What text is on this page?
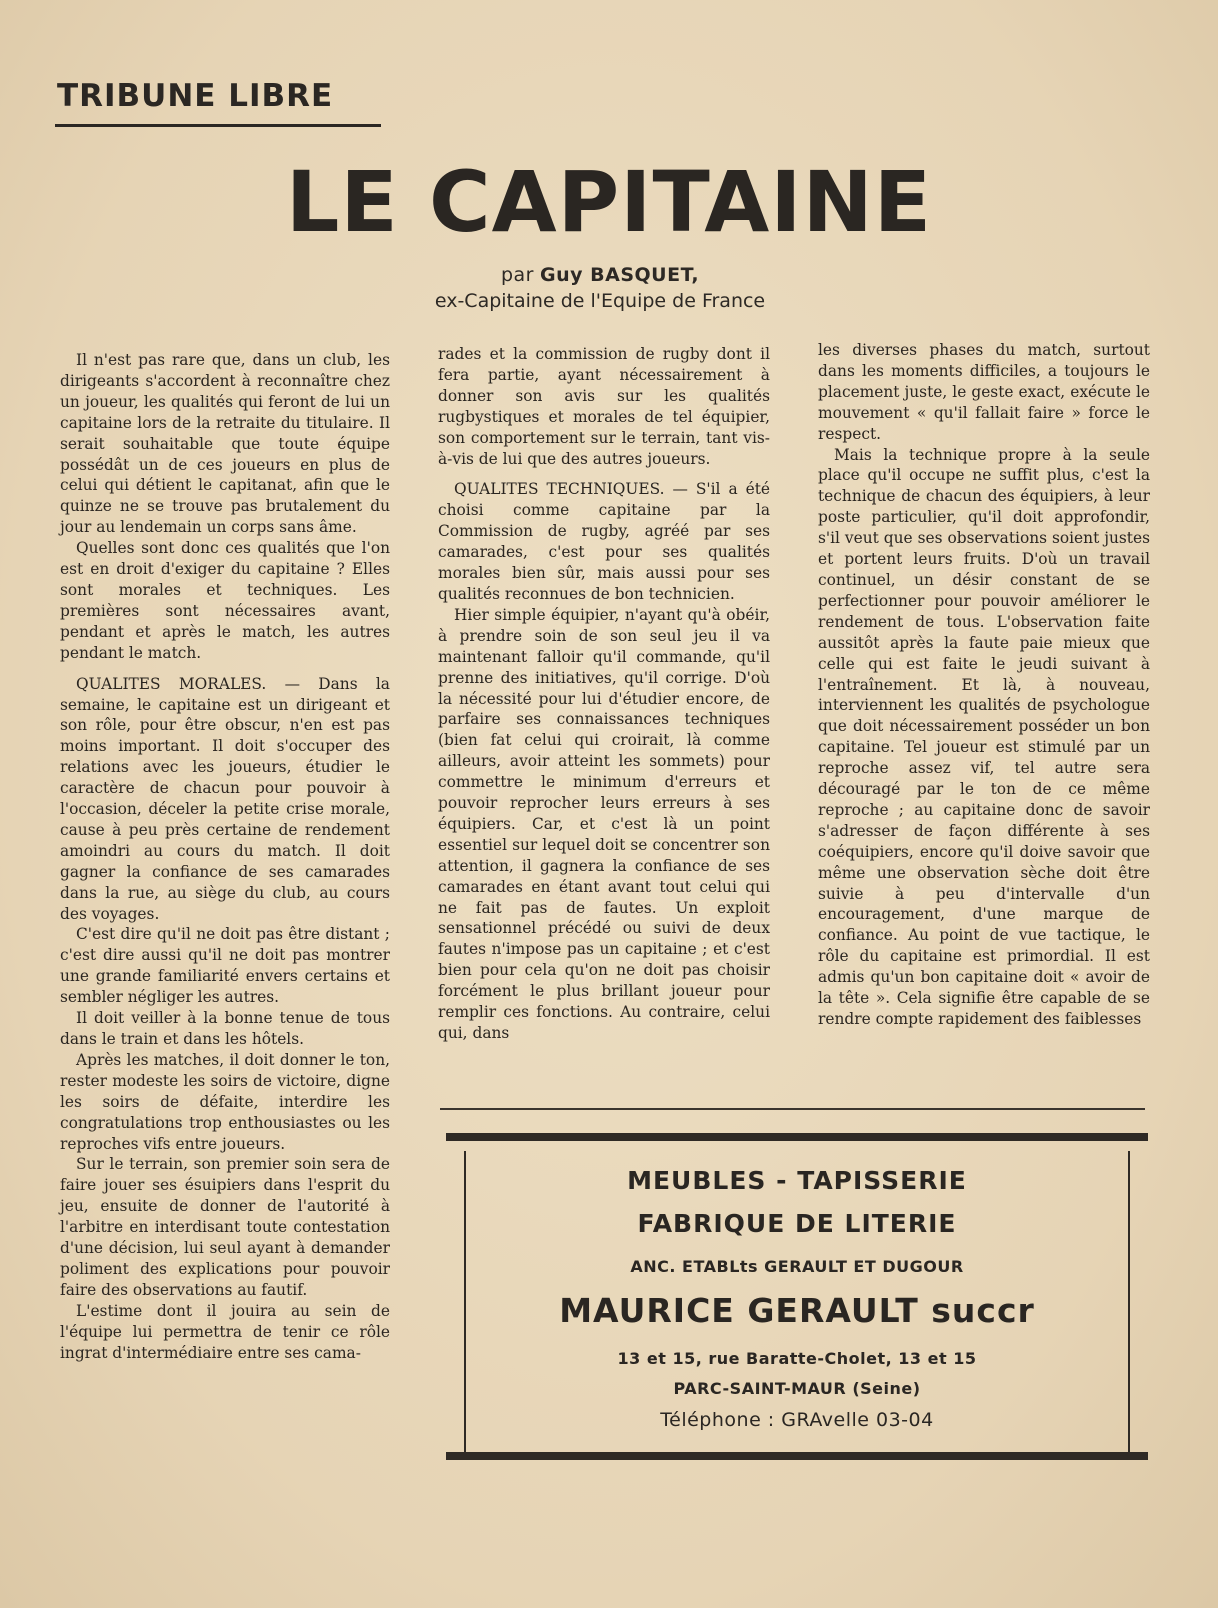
TRIBUNE LIBRE
LE CAPITAINE
par Guy BASQUET,
ex-Capitaine de l'Equipe de France

Il n'est pas rare que, dans un club, les dirigeants s'accordent à reconnaître chez un joueur, les qualités qui feront de lui un capitaine lors de la retraite du titulaire. Il serait souhaitable que toute équipe possédât un de ces joueurs en plus de celui qui détient le capitanat, afin que le quinze ne se trouve pas brutalement du jour au lendemain un corps sans âme.

Quelles sont donc ces qualités que l'on est en droit d'exiger du capitaine ? Elles sont morales et techniques. Les premières sont nécessaires avant, pendant et après le match, les autres pendant le match.

QUALITES MORALES. — Dans la semaine, le capitaine est un dirigeant et son rôle, pour être obscur, n'en est pas moins important. Il doit s'occuper des relations avec les joueurs, étudier le caractère de chacun pour pouvoir à l'occasion, déceler la petite crise morale, cause à peu près certaine de rendement amoindri au cours du match. Il doit gagner la confiance de ses camarades dans la rue, au siège du club, au cours des voyages.

C'est dire qu'il ne doit pas être distant ; c'est dire aussi qu'il ne doit pas montrer une grande familiarité envers certains et sembler négliger les autres.

Il doit veiller à la bonne tenue de tous dans le train et dans les hôtels.

Après les matches, il doit donner le ton, rester modeste les soirs de victoire, digne les soirs de défaite, interdire les congratulations trop enthousiastes ou les reproches vifs entre joueurs.

Sur le terrain, son premier soin sera de faire jouer ses ésuipiers dans l'esprit du jeu, ensuite de donner de l'autorité à l'arbitre en interdisant toute contestation d'une décision, lui seul ayant à demander poliment des explications pour pouvoir faire des observations au fautif.

L'estime dont il jouira au sein de l'équipe lui permettra de tenir ce rôle ingrat d'intermédiaire entre ses cama-

rades et la commission de rugby dont il fera partie, ayant nécessairement à donner son avis sur les qualités rugbystiques et morales de tel équipier, son comportement sur le terrain, tant vis-à-vis de lui que des autres joueurs.

QUALITES TECHNIQUES. — S'il a été choisi comme capitaine par la Commission de rugby, agréé par ses camarades, c'est pour ses qualités morales bien sûr, mais aussi pour ses qualités reconnues de bon technicien.

Hier simple équipier, n'ayant qu'à obéir, à prendre soin de son seul jeu il va maintenant falloir qu'il commande, qu'il prenne des initiatives, qu'il corrige. D'où la nécessité pour lui d'étudier encore, de parfaire ses connaissances techniques (bien fat celui qui croirait, là comme ailleurs, avoir atteint les sommets) pour commettre le minimum d'erreurs et pouvoir reprocher leurs erreurs à ses équipiers. Car, et c'est là un point essentiel sur lequel doit se concentrer son attention, il gagnera la confiance de ses camarades en étant avant tout celui qui ne fait pas de fautes. Un exploit sensationnel précédé ou suivi de deux fautes n'impose pas un capitaine ; et c'est bien pour cela qu'on ne doit pas choisir forcément le plus brillant joueur pour remplir ces fonctions. Au contraire, celui qui, dans

les diverses phases du match, surtout dans les moments difficiles, a toujours le placement juste, le geste exact, exécute le mouvement « qu'il fallait faire » force le respect.

Mais la technique propre à la seule place qu'il occupe ne suffit plus, c'est la technique de chacun des équipiers, à leur poste particulier, qu'il doit approfondir, s'il veut que ses observations soient justes et portent leurs fruits. D'où un travail continuel, un désir constant de se perfectionner pour pouvoir améliorer le rendement de tous. L'observation faite aussitôt après la faute paie mieux que celle qui est faite le jeudi suivant à l'entraînement. Et là, à nouveau, interviennent les qualités de psychologue que doit nécessairement posséder un bon capitaine. Tel joueur est stimulé par un reproche assez vif, tel autre sera découragé par le ton de ce même reproche ; au capitaine donc de savoir s'adresser de façon différente à ses coéquipiers, encore qu'il doive savoir que même une observation sèche doit être suivie à peu d'intervalle d'un encouragement, d'une marque de confiance. Au point de vue tactique, le rôle du capitaine est primordial. Il est admis qu'un bon capitaine doit « avoir de la tête ». Cela signifie être capable de se rendre compte rapidement des faiblesses

MEUBLES - TAPISSERIE

FABRIQUE DE LITERIE

ANC. ETABLts GERAULT ET DUGOUR

MAURICE GERAULT succr

13 et 15, rue Baratte-Cholet, 13 et 15

PARC-SAINT-MAUR (Seine)

Téléphone : GRAvelle 03-04
